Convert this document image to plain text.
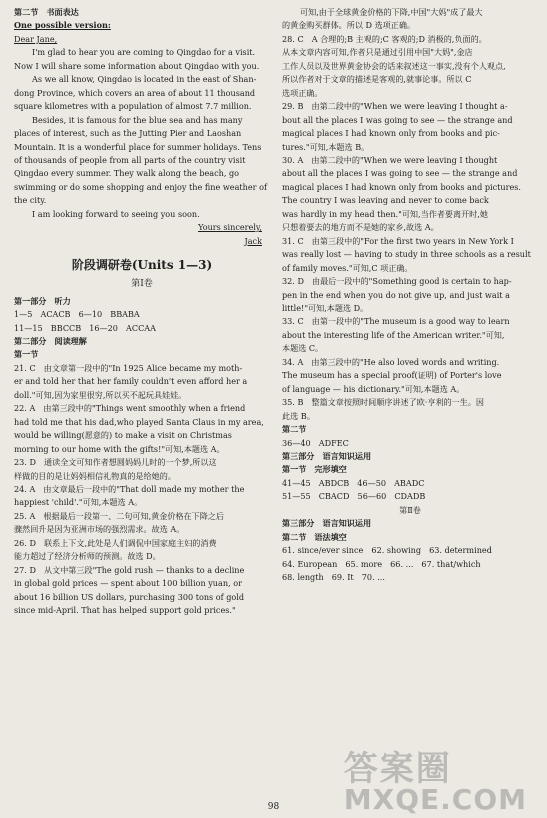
第二节　书面表达
One possible version:
Dear Jane,
I'm glad to hear you are coming to Qingdao for a visit.
Now I will share some information about Qingdao with you.
As we all know, Qingdao is located in the east of Shan-
dong Province, which covers an area of about 11 thousand
square kilometres with a population of almost 7.7 million.
Besides, it is famous for the blue sea and has many
places of interest, such as the Jutting Pier and Laoshan
Mountain. It is a wonderful place for summer holidays. Tens
of thousands of people from all parts of the country visit
Qingdao every summer. They walk along the beach, go
swimming or do some shopping and enjoy the fine weather of
the city.
I am looking forward to seeing you soon.
Yours sincerely,
Jack
阶段调研卷(Units 1—3)
第Ⅰ卷
第一部分　听力
1—5　ACACB　6—10　BBABA
11—15　BBCCB　16—20　ACCAA
第二部分　阅读理解
第一节
21. C　由文章第一段中的"In 1925 Alice became my moth-
er and told her that her family couldn't even afford her a
doll."可知,因为家里很穷,所以买不起玩具娃娃。
22. A　由第三段中的"Things went smoothly when a friend
had told me that his dad,who played Santa Claus in my area,
would be willing(愿意的) to make a visit on Christmas
morning to our home with the gifts!"可知,本题选 A。
23. D　通读全文可知作者想圆妈妈儿时的一个梦,所以这
样做的目的是让妈妈相信礼物真的是给她的。
24. A　由文章最后一段中的"That doll made my mother the
happiest 'child'."可知,本题选 A。
25. A　根据最后一段第一、二句可知,黄金价格在下降之后
骤然回升是因为亚洲市场的强烈需求。故选 A。
26. D　联系上下文,此处是人们调侃中国家庭主妇的消费
能力超过了经济分析师的预测。故选 D。
27. D　从文中第三段"The gold rush — thanks to a decline
in global gold prices — spent about 100 billion yuan, or
about 16 billion US dollars, purchasing 300 tons of gold
since mid-April. That has helped support gold prices."
可知,由于全球黄金价格的下降,中国"大妈"成了最大
的黄金购买群体。所以 D 选项正确。
28. C　A 合理的;B 主观的;C 客观的;D 消极的,负面的。
从本文章内容可知,作者只是通过引用中国"大妈",金店
工作人员以及世界黄金协会的话来叙述这一事实,没有个人观点,
所以作者对于文章的描述是客观的,就事论事。所以 C
选项正确。
29. B　由第二段中的"When we were leaving I thought a-
bout all the places I was going to see — the strange and
magical places I had known only from books and pic-
tures."可知,本题选 B。
30. A　由第二段中的"When we were leaving I thought
about all the places I was going to see — the strange and
magical places I had known only from books and pictures.
The country I was leaving and never to come back
was hardly in my head then."可知,当作者要离开时,她
只想着要去的地方而不是她的家乡,故选 A。
31. C　由第三段中的"For the first two years in New York I
was really lost — having to study in three schools as a result
of family moves."可知,C 项正确。
32. D　由最后一段中的"Something good is certain to hap-
pen in the end when you do not give up, and just wait a
little!"可知,本题选 D。
33. C　由第一段中的"The museum is a good way to learn
about the interesting life of the American writer."可知,
本题选 C。
34. A　由第三段中的"He also loved words and writing.
The museum has a special proof(证明) of Porter's love
of language — his dictionary."可知,本题选 A。
35. B　整篇文章按照时间顺序讲述了欧·亨利的一生。因
此选 B。
第二节
36—40　ADFEC
第三部分　语言知识运用
第一节　完形填空
41—45　ABDCB　46—50　ABADC
51—55　CBACD　56—60　CDADB
第Ⅱ卷
第三部分　语言知识运用
第二节　语法填空
61. since/ever since　62. showing　63. determined
64. European　65. more　66. ...　67. that/which
68. length　69. It　70. ...
98
答案圈
MXQE.COM
